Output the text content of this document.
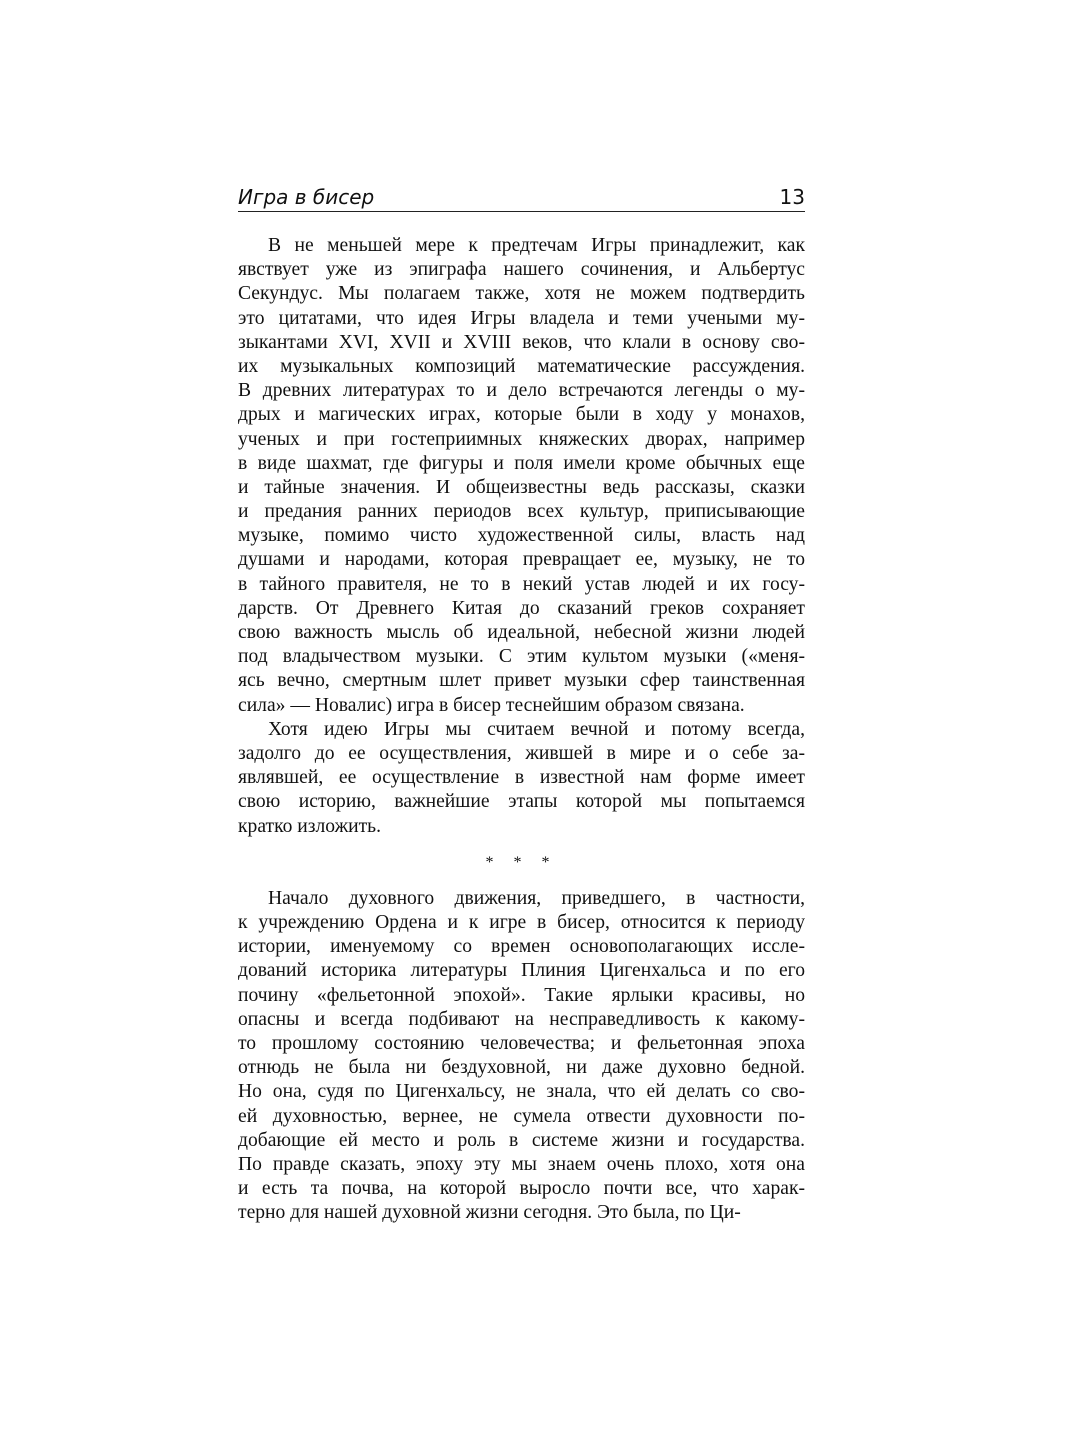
Игра в бисер	13
В не меньшей мере к предтечам Игры принадлежит, как
явствует уже из эпиграфа нашего сочинения, и Альбертус
Секундус. Мы полагаем также, хотя не можем подтвердить
это цитатами, что идея Игры владела и теми учеными му-
зыкантами XVI, XVII и XVIII веков, что клали в основу сво-
их музыкальных композиций математические рассуждения.
В древних литературах то и дело встречаются легенды о му-
дрых и магических играх, которые были в ходу у монахов,
ученых и при гостеприимных княжеских дворах, например
в виде шахмат, где фигуры и поля имели кроме обычных еще
и тайные значения. И общеизвестны ведь рассказы, сказки
и предания ранних периодов всех культур, приписывающие
музыке, помимо чисто художественной силы, власть над
душами и народами, которая превращает ее, музыку, не то
в тайного правителя, не то в некий устав людей и их госу-
дарств. От Древнего Китая до сказаний греков сохраняет
свою важность мысль об идеальной, небесной жизни людей
под владычеством музыки. С этим культом музыки («меня-
ясь вечно, смертным шлет привет музыки сфер таинственная
сила» — Новалис) игра в бисер теснейшим образом связана.
Хотя идею Игры мы считаем вечной и потому всегда,
задолго до ее осуществления, жившей в мире и о себе за-
являвшей, ее осуществление в известной нам форме имеет
свою историю, важнейшие этапы которой мы попытаемся
кратко изложить.
* * *
Начало духовного движения, приведшего, в частности,
к учреждению Ордена и к игре в бисер, относится к периоду
истории, именуемому со времен основополагающих иссле-
дований историка литературы Плиния Цигенхальса и по его
почину «фельетонной эпохой». Такие ярлыки красивы, но
опасны и всегда подбивают на несправедливость к какому-
то прошлому состоянию человечества; и фельетонная эпоха
отнюдь не была ни бездуховной, ни даже духовно бедной.
Но она, судя по Цигенхальсу, не знала, что ей делать со сво-
ей духовностью, вернее, не сумела отвести духовности по-
добающие ей место и роль в системе жизни и государства.
По правде сказать, эпоху эту мы знаем очень плохо, хотя она
и есть та почва, на которой выросло почти все, что харак-
терно для нашей духовной жизни сегодня. Это была, по Ци-
